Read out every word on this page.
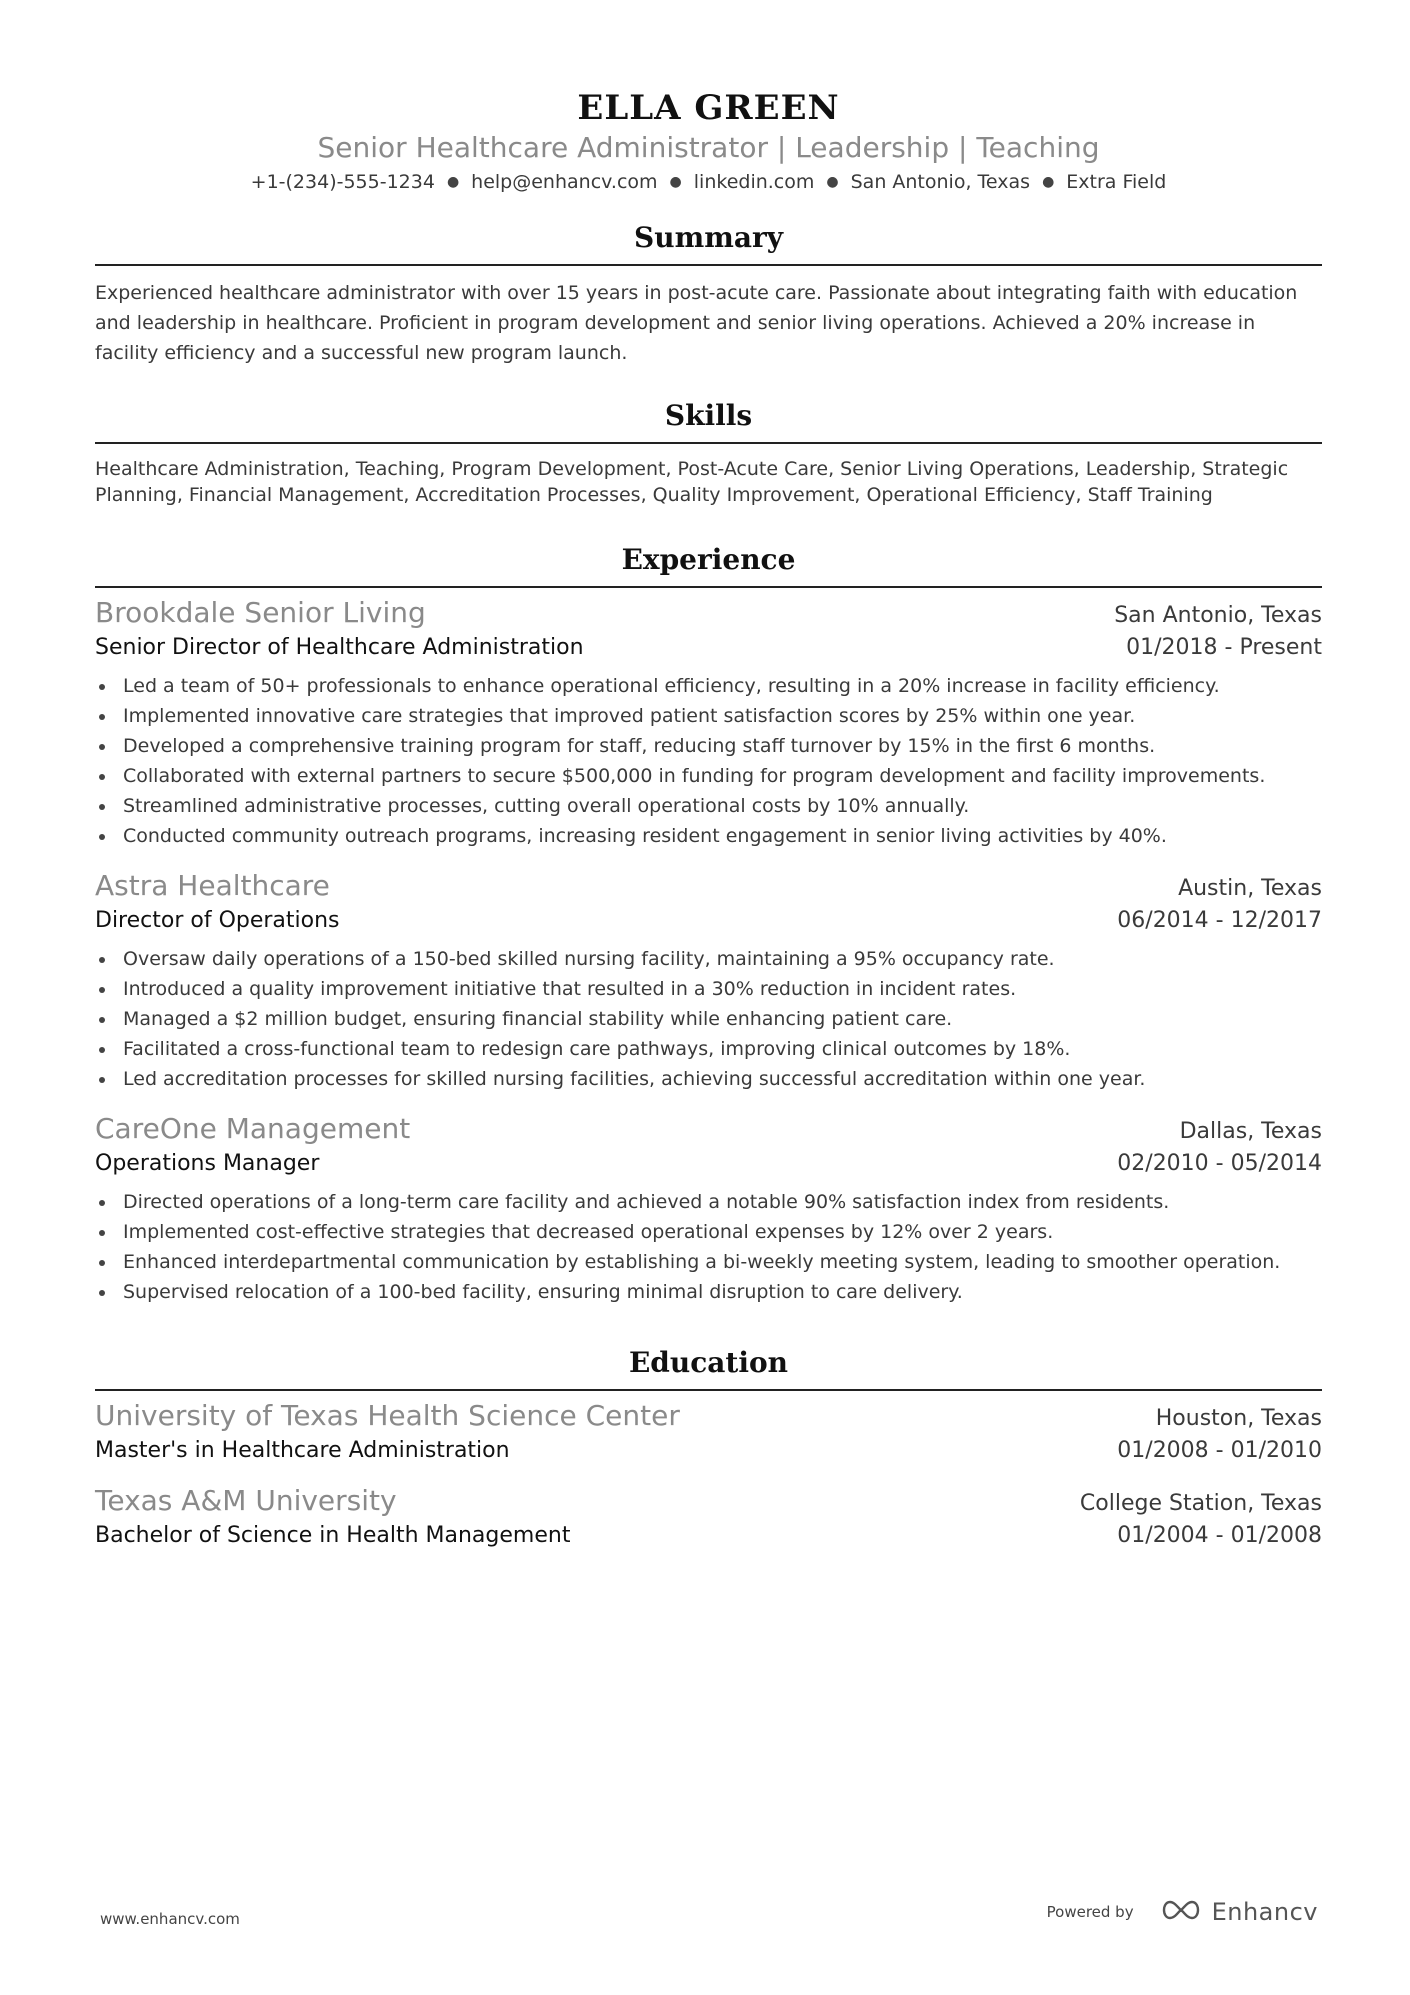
ELLA GREEN
Senior Healthcare Administrator | Leadership | Teaching
+1-(234)-555-1234 ● help@enhancv.com ● linkedin.com ● San Antonio, Texas ● Extra Field
Summary
Experienced healthcare administrator with over 15 years in post-acute care. Passionate about integrating faith with education and leadership in healthcare. Proficient in program development and senior living operations. Achieved a 20% increase in facility efficiency and a successful new program launch.
Skills
Healthcare Administration, Teaching, Program Development, Post-Acute Care, Senior Living Operations, Leadership, Strategic Planning, Financial Management, Accreditation Processes, Quality Improvement, Operational Efficiency, Staff Training
Experience
Brookdale Senior Living	San Antonio, Texas
Senior Director of Healthcare Administration	01/2018 - Present
Led a team of 50+ professionals to enhance operational efficiency, resulting in a 20% increase in facility efficiency.
Implemented innovative care strategies that improved patient satisfaction scores by 25% within one year.
Developed a comprehensive training program for staff, reducing staff turnover by 15% in the first 6 months.
Collaborated with external partners to secure $500,000 in funding for program development and facility improvements.
Streamlined administrative processes, cutting overall operational costs by 10% annually.
Conducted community outreach programs, increasing resident engagement in senior living activities by 40%.
Astra Healthcare	Austin, Texas
Director of Operations	06/2014 - 12/2017
Oversaw daily operations of a 150-bed skilled nursing facility, maintaining a 95% occupancy rate.
Introduced a quality improvement initiative that resulted in a 30% reduction in incident rates.
Managed a $2 million budget, ensuring financial stability while enhancing patient care.
Facilitated a cross-functional team to redesign care pathways, improving clinical outcomes by 18%.
Led accreditation processes for skilled nursing facilities, achieving successful accreditation within one year.
CareOne Management	Dallas, Texas
Operations Manager	02/2010 - 05/2014
Directed operations of a long-term care facility and achieved a notable 90% satisfaction index from residents.
Implemented cost-effective strategies that decreased operational expenses by 12% over 2 years.
Enhanced interdepartmental communication by establishing a bi-weekly meeting system, leading to smoother operation.
Supervised relocation of a 100-bed facility, ensuring minimal disruption to care delivery.
Education
University of Texas Health Science Center	Houston, Texas
Master's in Healthcare Administration	01/2008 - 01/2010
Texas A&M University	College Station, Texas
Bachelor of Science in Health Management	01/2004 - 01/2008
www.enhancv.com	Powered by	Enhancv
